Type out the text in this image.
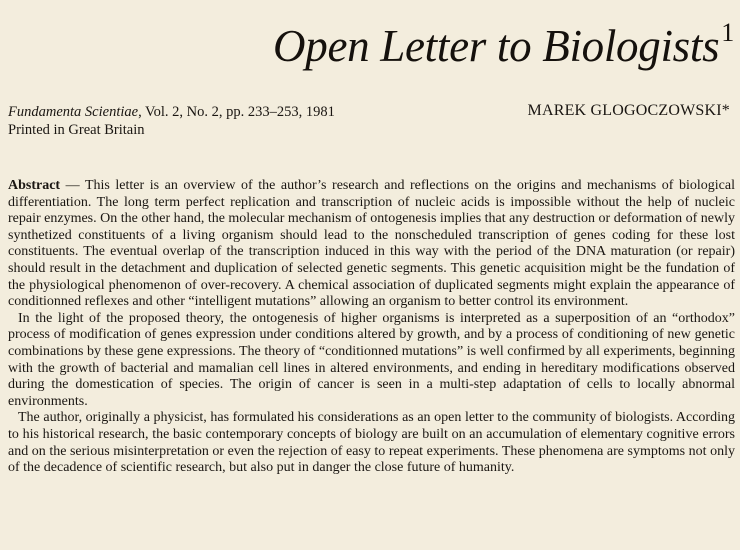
Open Letter to Biologists$^1$
Fundamenta Scientiae, Vol. 2, No. 2, pp. 233–253, 1981
Printed in Great Britain
MAREK GLOGOCZOWSKI*

Abstract — This letter is an overview of the author’s research and reflections on the origins and mechanisms of biological differentiation. The long term perfect replication and transcription of nucleic acids is impossible without the help of nucleic repair enzymes. On the other hand, the molecular mechanism of ontogenesis implies that any destruction or deformation of newly synthetized constituents of a living organism should lead to the nonscheduled transcription of genes coding for these lost constituents. The eventual overlap of the transcription induced in this way with the period of the DNA maturation (or repair) should result in the detachment and duplication of selected genetic segments. This genetic acquisition might be the fundation of the physiological phenomenon of over-recovery. A chemical association of duplicated segments might explain the appearance of conditionned reflexes and other “intelligent mutations” allowing an organism to better control its environment.

In the light of the proposed theory, the ontogenesis of higher organisms is interpreted as a superposition of an “orthodox” process of modification of genes expression under conditions altered by growth, and by a process of conditioning of new genetic combinations by these gene expressions. The theory of “conditionned mutations” is well confirmed by all experiments, beginning with the growth of bacterial and mamalian cell lines in altered environments, and ending in hereditary modifications observed during the domestication of species. The origin of cancer is seen in a multi-step adaptation of cells to locally abnormal environments.

The author, originally a physicist, has formulated his considerations as an open letter to the community of biologists. According to his historical research, the basic contemporary concepts of biology are built on an accumulation of elementary cognitive errors and on the serious misinterpretation or even the rejection of easy to repeat experiments. These phenomena are symptoms not only of the decadence of scientific research, but also put in danger the close future of humanity.
